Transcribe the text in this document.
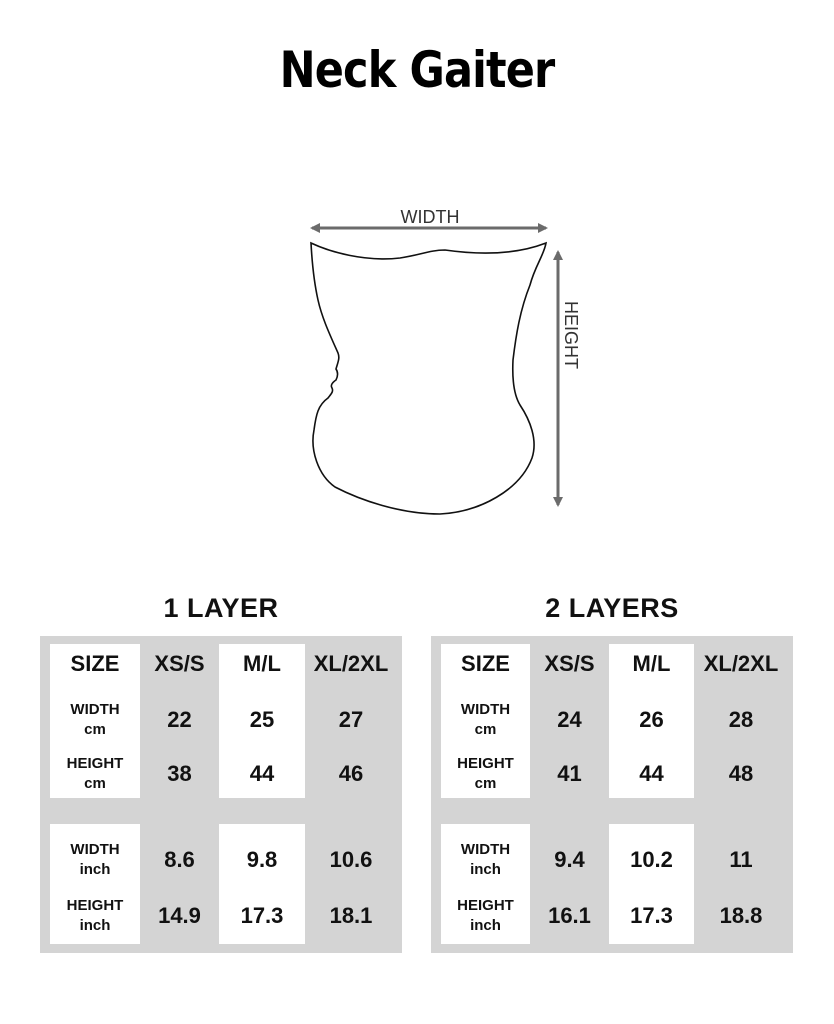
Neck Gaiter
WIDTH
HEIGHT
1 LAYER
SIZE	XS/S	M/L	XL/2XL
WIDTH
cm	22	25	27
HEIGHT
cm	38	44	46
WIDTH
inch	8.6	9.8	10.6
HEIGHT
inch	14.9	17.3	18.1
2 LAYERS
SIZE	XS/S	M/L	XL/2XL
WIDTH
cm	24	26	28
HEIGHT
cm	41	44	48
WIDTH
inch	9.4	10.2	11
HEIGHT
inch	16.1	17.3	18.8
